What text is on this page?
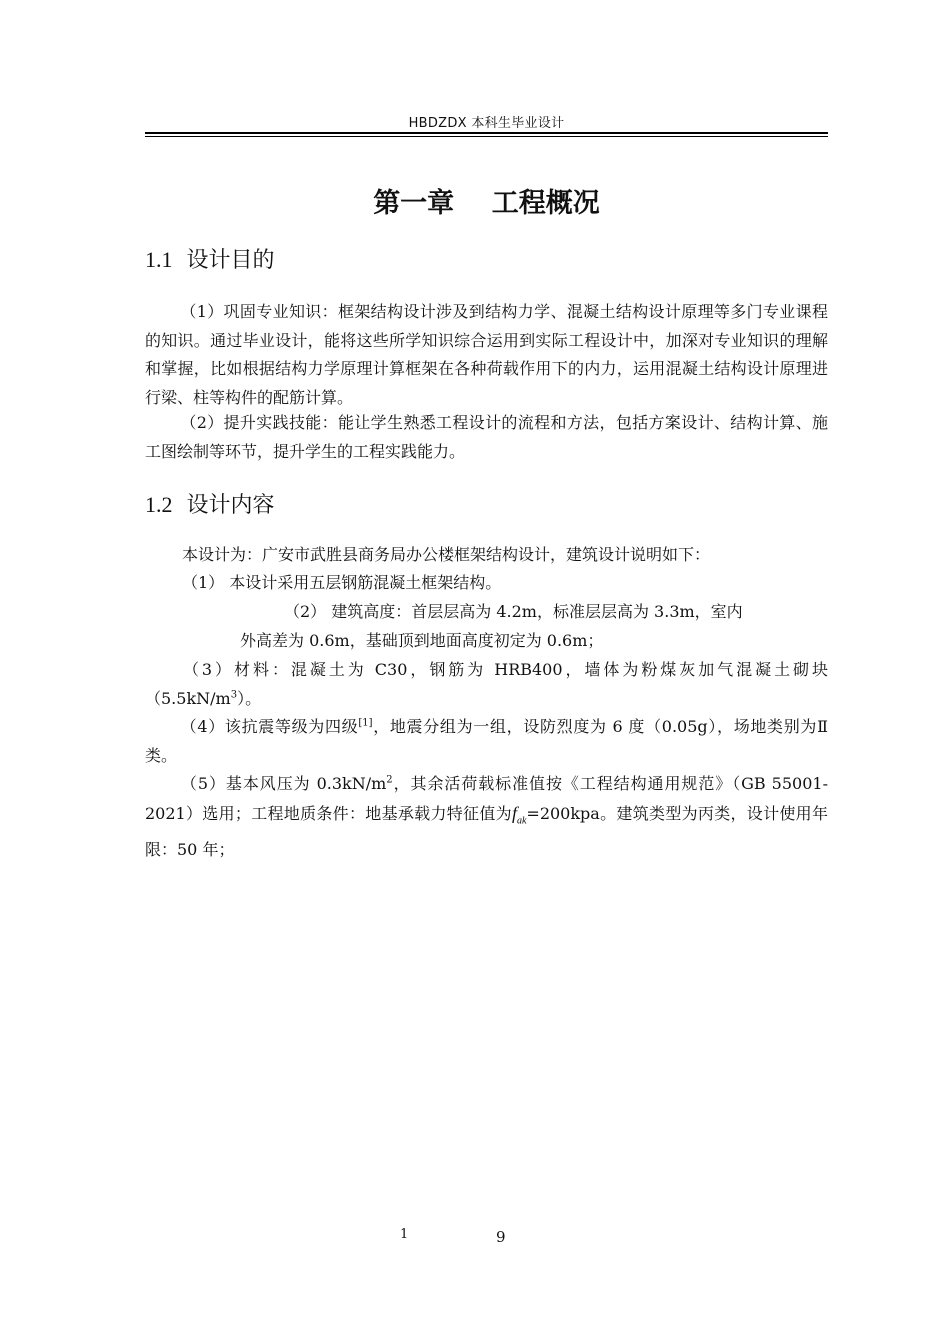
HBDZDX 本科生毕业设计
第一章    工程概况
1.1 设计目的
（1）巩固专业知识：框架结构设计涉及到结构力学、混凝土结构设计原理等多门专业课程的知识。通过毕业设计，能将这些所学知识综合运用到实际工程设计中，加深对专业知识的理解和掌握，比如根据结构力学原理计算框架在各种荷载作用下的内力，运用混凝土结构设计原理进行梁、柱等构件的配筋计算。
（2）提升实践技能：能让学生熟悉工程设计的流程和方法，包括方案设计、结构计算、施工图绘制等环节，提升学生的工程实践能力。
1.2 设计内容
本设计为：广安市武胜县商务局办公楼框架结构设计，建筑设计说明如下：
（1） 本设计采用五层钢筋混凝土框架结构。
（2） 建筑高度：首层层高为 4.2m，标准层层高为 3.3m，室内
外高差为 0.6m，基础顶到地面高度初定为 0.6m；
（3）材料：混凝土为 C30，钢筋为 HRB400，墙体为粉煤灰加气混凝土砌块$(5.5kN/m^3)$。
（4）该抗震等级为四级[1]，地震分组为一组，设防烈度为 6 度（0.05g），场地类别为Ⅱ类。
（5）基本风压为 $0.3kN/m^2$，其余活荷载标准值按《工程结构通用规范》（GB 55001-2021）选用；工程地质条件：地基承载力特征值为$f_{ak}=200kpa$。建筑类型为丙类，设计使用年限：50 年；
1	9
